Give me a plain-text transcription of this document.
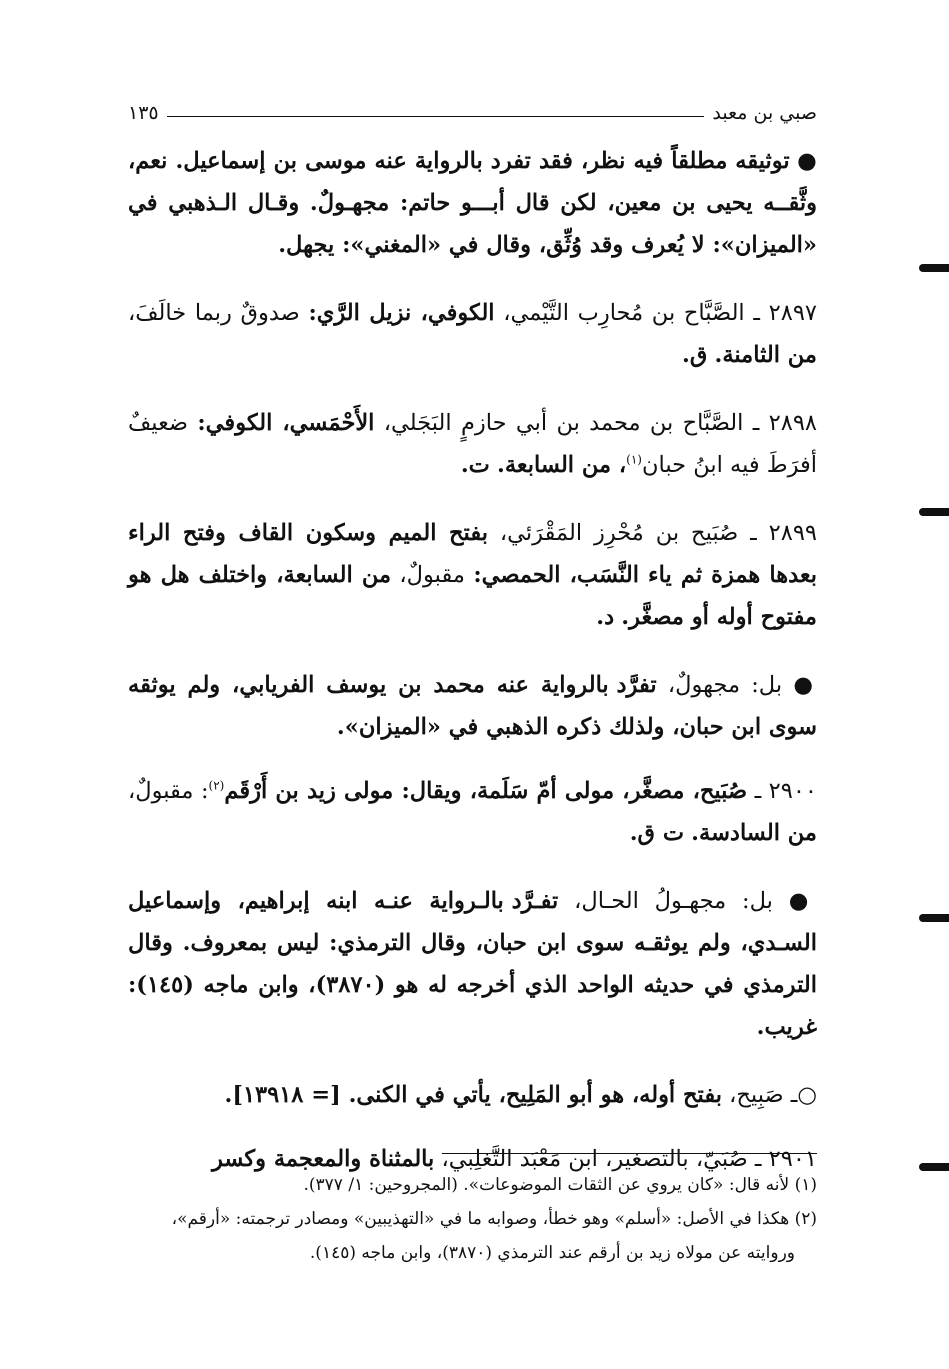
صبي بن معبد
١٣٥

● توثيقه مطلقاً فيه نظر، فقد تفرد بالرواية عنه موسى بن إسماعيل. نعم، وثَّقــه يحيى بن معين، لكن قال أبـــو حاتم: مجهـولٌ. وقـال الـذهبي في «الميزان»: لا يُعرف وقد وُثِّق، وقال في «المغني»: يجهل.

٢٨٩٧ ـ الصَّبَّاح بن مُحارِب التَّيْمي، الكوفي، نزيل الرَّي: صدوقٌ ربما خالَفَ، من الثامنة. ق.

٢٨٩٨ ـ الصَّبَّاح بن محمد بن أبي حازمٍ البَجَلي، الأَحْمَسي، الكوفي: ضعيفٌ أفرَطَ فيه ابنُ حبان$^{(١)}$، من السابعة. ت.

٢٨٩٩ ـ صُبَيح بن مُحْرِز المَقْرَئي، بفتح الميم وسكون القاف وفتح الراء بعدها همزة ثم ياء النَّسَب، الحمصي: مقبولٌ، من السابعة، واختلف هل هو مفتوح أوله أو مصغَّر. د.

● بل: مجهولٌ، تفرَّد بالرواية عنه محمد بن يوسف الفريابي، ولم يوثقه سوى ابن حبان، ولذلك ذكره الذهبي في «الميزان».

٢٩٠٠ ـ صُبَيح، مصغَّر، مولى أمّ سَلَمة، ويقال: مولى زيد بن أَرْقَم$^{(٢)}$: مقبولٌ، من السادسة. ت ق.

● بل: مجهـولُ الحـال، تفـرَّد بالـرواية عنـه ابنه إبراهيم، وإسماعيل السـدي، ولم يوثقـه سوى ابن حبان، وقال الترمذي: ليس بمعروف. وقال الترمذي في حديثه الواحد الذي أخرجه له هو (٣٨٧٠)، وابن ماجه (١٤٥): غريب.

○ـ صَبِيح، بفتح أوله، هو أبو المَلِيح، يأتي في الكنى. [= ١٣٩١٨].

٢٩٠١ ـ صُبَيّ، بالتصغير، ابن مَعْبَد التَّغلِبي، بالمثناة والمعجمة وكسر

(١) لأنه قال: «كان يروي عن الثقات الموضوعات». (المجروحين: ١/ ٣٧٧).

(٢) هكذا في الأصل: «أسلم» وهو خطأ، وصوابه ما في «التهذيبين» ومصادر ترجمته: «أرقم»،

وروايته عن مولاه زيد بن أرقم عند الترمذي (٣٨٧٠)، وابن ماجه (١٤٥).
